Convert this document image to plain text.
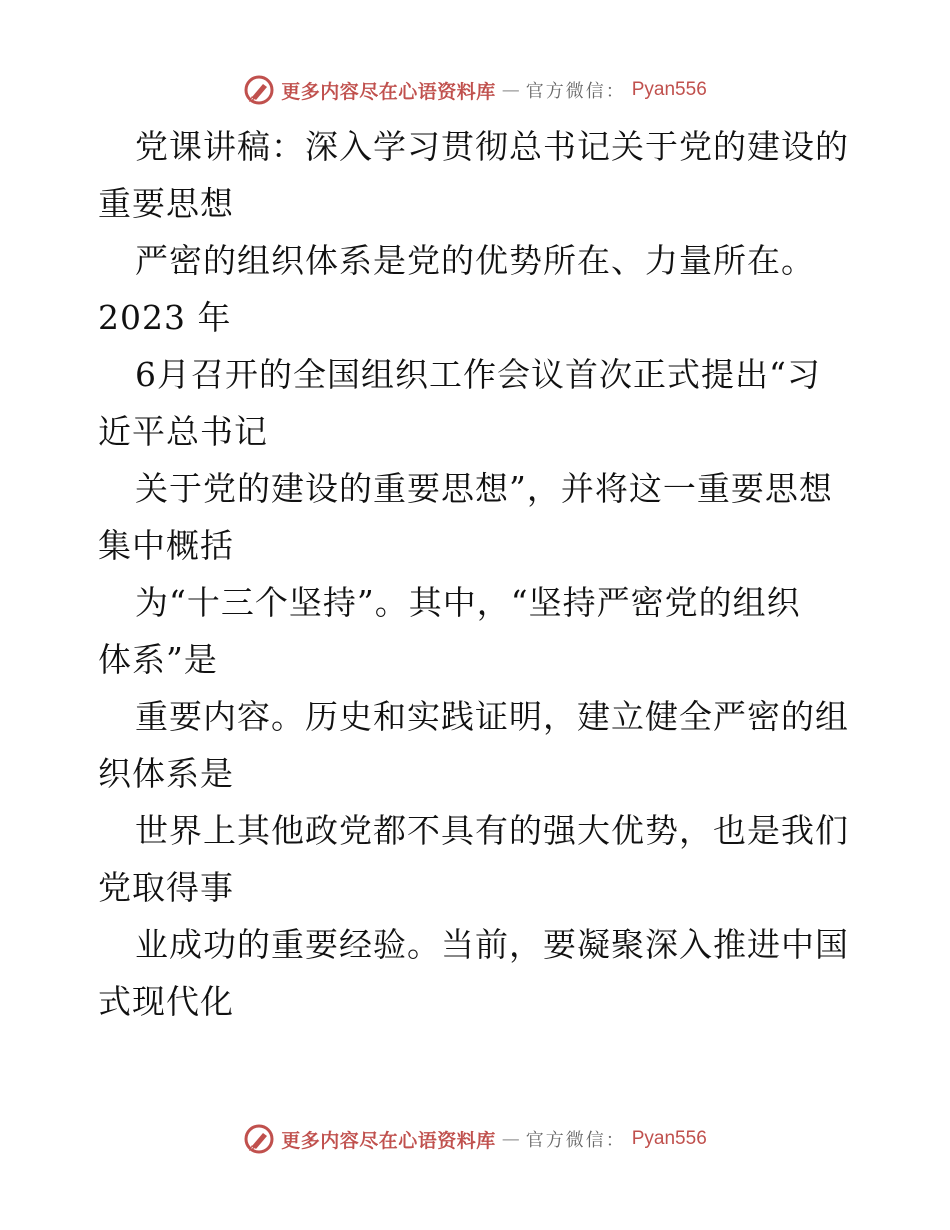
更多内容尽在心语资料库 — 官方微信： Pyan556
党课讲稿：深入学习贯彻总书记关于党的建设的
重要思想
严密的组织体系是党的优势所在、力量所在。
2023 年
6月召开的全国组织工作会议首次正式提出“习
近平总书记
关于党的建设的重要思想”，并将这一重要思想
集中概括
为“十三个坚持”。其中，“坚持严密党的组织
体系”是
重要内容。历史和实践证明，建立健全严密的组
织体系是
世界上其他政党都不具有的强大优势，也是我们
党取得事
业成功的重要经验。当前，要凝聚深入推进中国
式现代化
更多内容尽在心语资料库 — 官方微信： Pyan556
